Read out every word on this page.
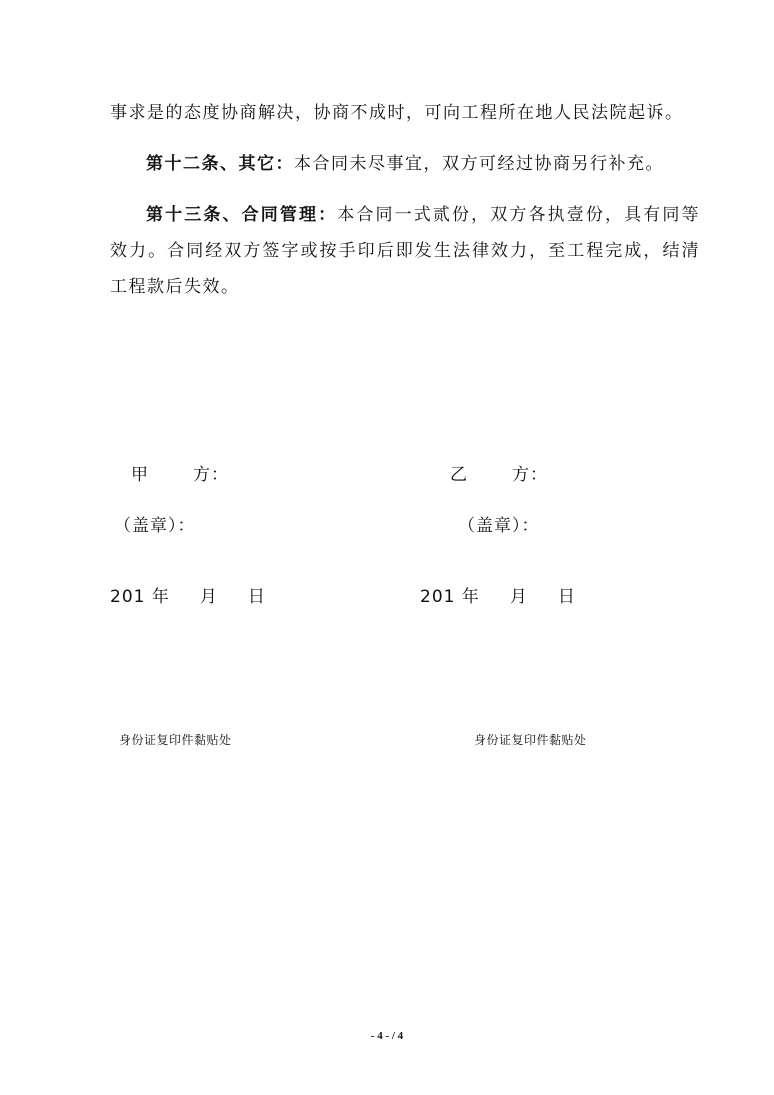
事求是的态度协商解决，协商不成时，可向工程所在地人民法院起诉。

第十二条、其它：本合同未尽事宜，双方可经过协商另行补充。

第十三条、合同管理：本合同一式贰份，双方各执壹份，具有同等效力。合同经双方签字或按手印后即发生法律效力，至工程完成，结清工程款后失效。

甲	方：
（盖章）：
201 年 月 日
身份证复印件黏贴处
乙	方：
（盖章）：
201 年 月 日
身份证复印件黏贴处
- 4 - / 4
